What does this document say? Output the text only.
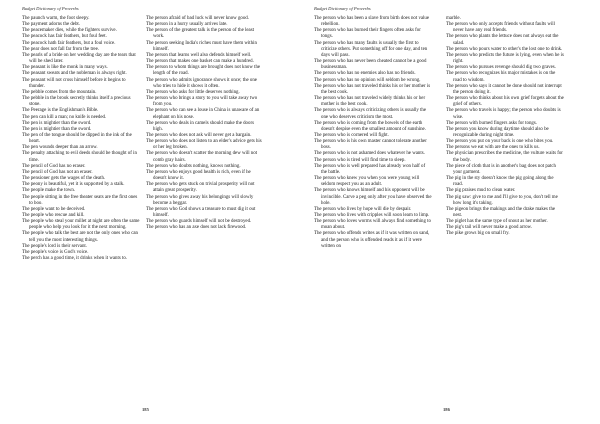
Budget Dictionary of Proverbs
The paunch warm, the foot sleepy.
The payment adorns the debt.
The peacemaker dies, while the fighters survive.
The peacock has fair feathers, but foul feet.
The peacock hath fair feathers, but a foul voice.
The pear does not fall far from the tree.
The pearls of a bride on her wedding day are the tears that will be shed later.
The peasant is like the monk in many ways.
The peasant sweats and the nobleman is always right.
The peasant will not cross himself before it begins to thunder.
The pebble comes from the mountain.
The pebble in the brook secretly thinks itself a precious stone.
The Peerage is the Englishman's Bible.
The pen can kill a man; no knife is needed.
The pen is mightier than the sword.
The pen is mightier than the sword.
The pen of the tongue should be dipped in the ink of the heart.
The pen wounds deeper than an arrow.
The penalty attaching to evil deeds should be thought of in time.
The pencil of God has no eraser.
The pencil of God has not an eraser.
The pensioner gets the wages of the death.
The peony is beautiful, yet it is supported by a stalk.
The people make the town.
The people sitting in the free theater seats are the first ones to boo.
The people want to be deceived.
The people who rescue and kill.
The people who steal your millet at night are often the same people who help you look for it the next morning.
The people who talk the best are not the only ones who can tell you the most interesting things.
The people's lord is their servant.
The people's voice is God's voice.
The perch has a good time, it drinks when it wants to.
The person afraid of bad luck will never know good.
The person in a hurry usually arrives late.
The person of the greatest talk is the person of the least work.
The person seeking India's riches must have them within himself.
The person that learns well also defends himself well.
The person that makes one basket can make a hundred.
The person to whom things are brought does not know the length of the road.
The person who admits ignorance shows it once; the one who tries to hide it shows it often.
The person who asks for little deserves nothing.
The person who brings a story to you will take away two from you.
The person who can see a louse in China is unaware of an elephant on his nose.
The person who deals in camels should make the doors high.
The person who does not ask will never get a bargain.
The person who does not listen to an elder's advice gets his or her leg broken.
The person who doesn't scatter the morning dew will not comb gray hairs.
The person who doubts nothing, knows nothing.
The person who enjoys good health is rich, even if he doesn't know it.
The person who gets stuck on trivial prosperity will not attain great prosperity.
The person who gives away his belongings will slowly become a beggar.
The person who God shows a treasure to must dig it out himself.
The person who guards himself will not be destroyed.
The person who has an axe does not lack firewood.
185
Budget Dictionary of Proverbs
The person who has been a slave from birth does not value rebellion.
The person who has burned their fingers often asks for tongs.
The person who has many faults is usually the first to criticize others. Put something off for one day, and ten days will pass.
The person who has never been cheated cannot be a good businessman.
The person who has no enemies also has no friends.
The person who has no opinion will seldom be wrong.
The person who has not traveled thinks his or her mother is the best cook.
The person who has not traveled widely thinks his or her mother is the best cook.
The person who is always criticizing others is usually the one who deserves criticism the most.
The person who is coming from the bowels of the earth doesn't despise even the smallest amount of sunshine.
The person who is cornered will fight.
The person who is his own master cannot tolerate another boss.
The person who is not ashamed does whatever he wants.
The person who is tired will find time to sleep.
The person who is well prepared has already won half of the battle.
The person who knew you when you were young will seldom respect you as an adult.
The person who knows himself and his opponent will be invincible. Carve a peg only after you have observed the hole.
The person who lives by hope will die by despair.
The person who lives with cripples will soon learn to limp.
The person who loves worms will always find something to moan about.
The person who offends writes as if it was written on sand, and the person who is offended reads it as if it were written on
marble.
The person who only accepts friends without faults will never have any real friends.
The person who plants the lettuce does not always eat the salad.
The person who pours water to other's the lost one to drink.
The person who predicts the future is lying, even when he is right.
The person who pursues revenge should dig two graves.
The person who recognizes his major mistakes is on the road to wisdom.
The person who says it cannot be done should not interrupt the person doing it.
The person who thinks about his own grief forgets about the grief of others.
The person who travels is happy; the person who doubts is wise.
The person with burned fingers asks for tongs.
The person you know during daytime should also be recognizable during night time.
The person you put on your back is one who bites you.
The persons we eat with are the ones to kills us.
The physician prescribes the medicine, the vulture waits for the body.
The piece of cloth that is in another's bag does not patch your garment.
The pig in the sty doesn't know the pig going along the road.
The pig praises mud to clean water.
The pig saw: give to me and I'll give to you, don't tell me how long it's taking.
The pigeon brings the makings and the drake makes the nest.
The piglet has the same type of snout as her mother.
The pig's tail will never make a good arrow.
The pike grows big on small fry.
186
